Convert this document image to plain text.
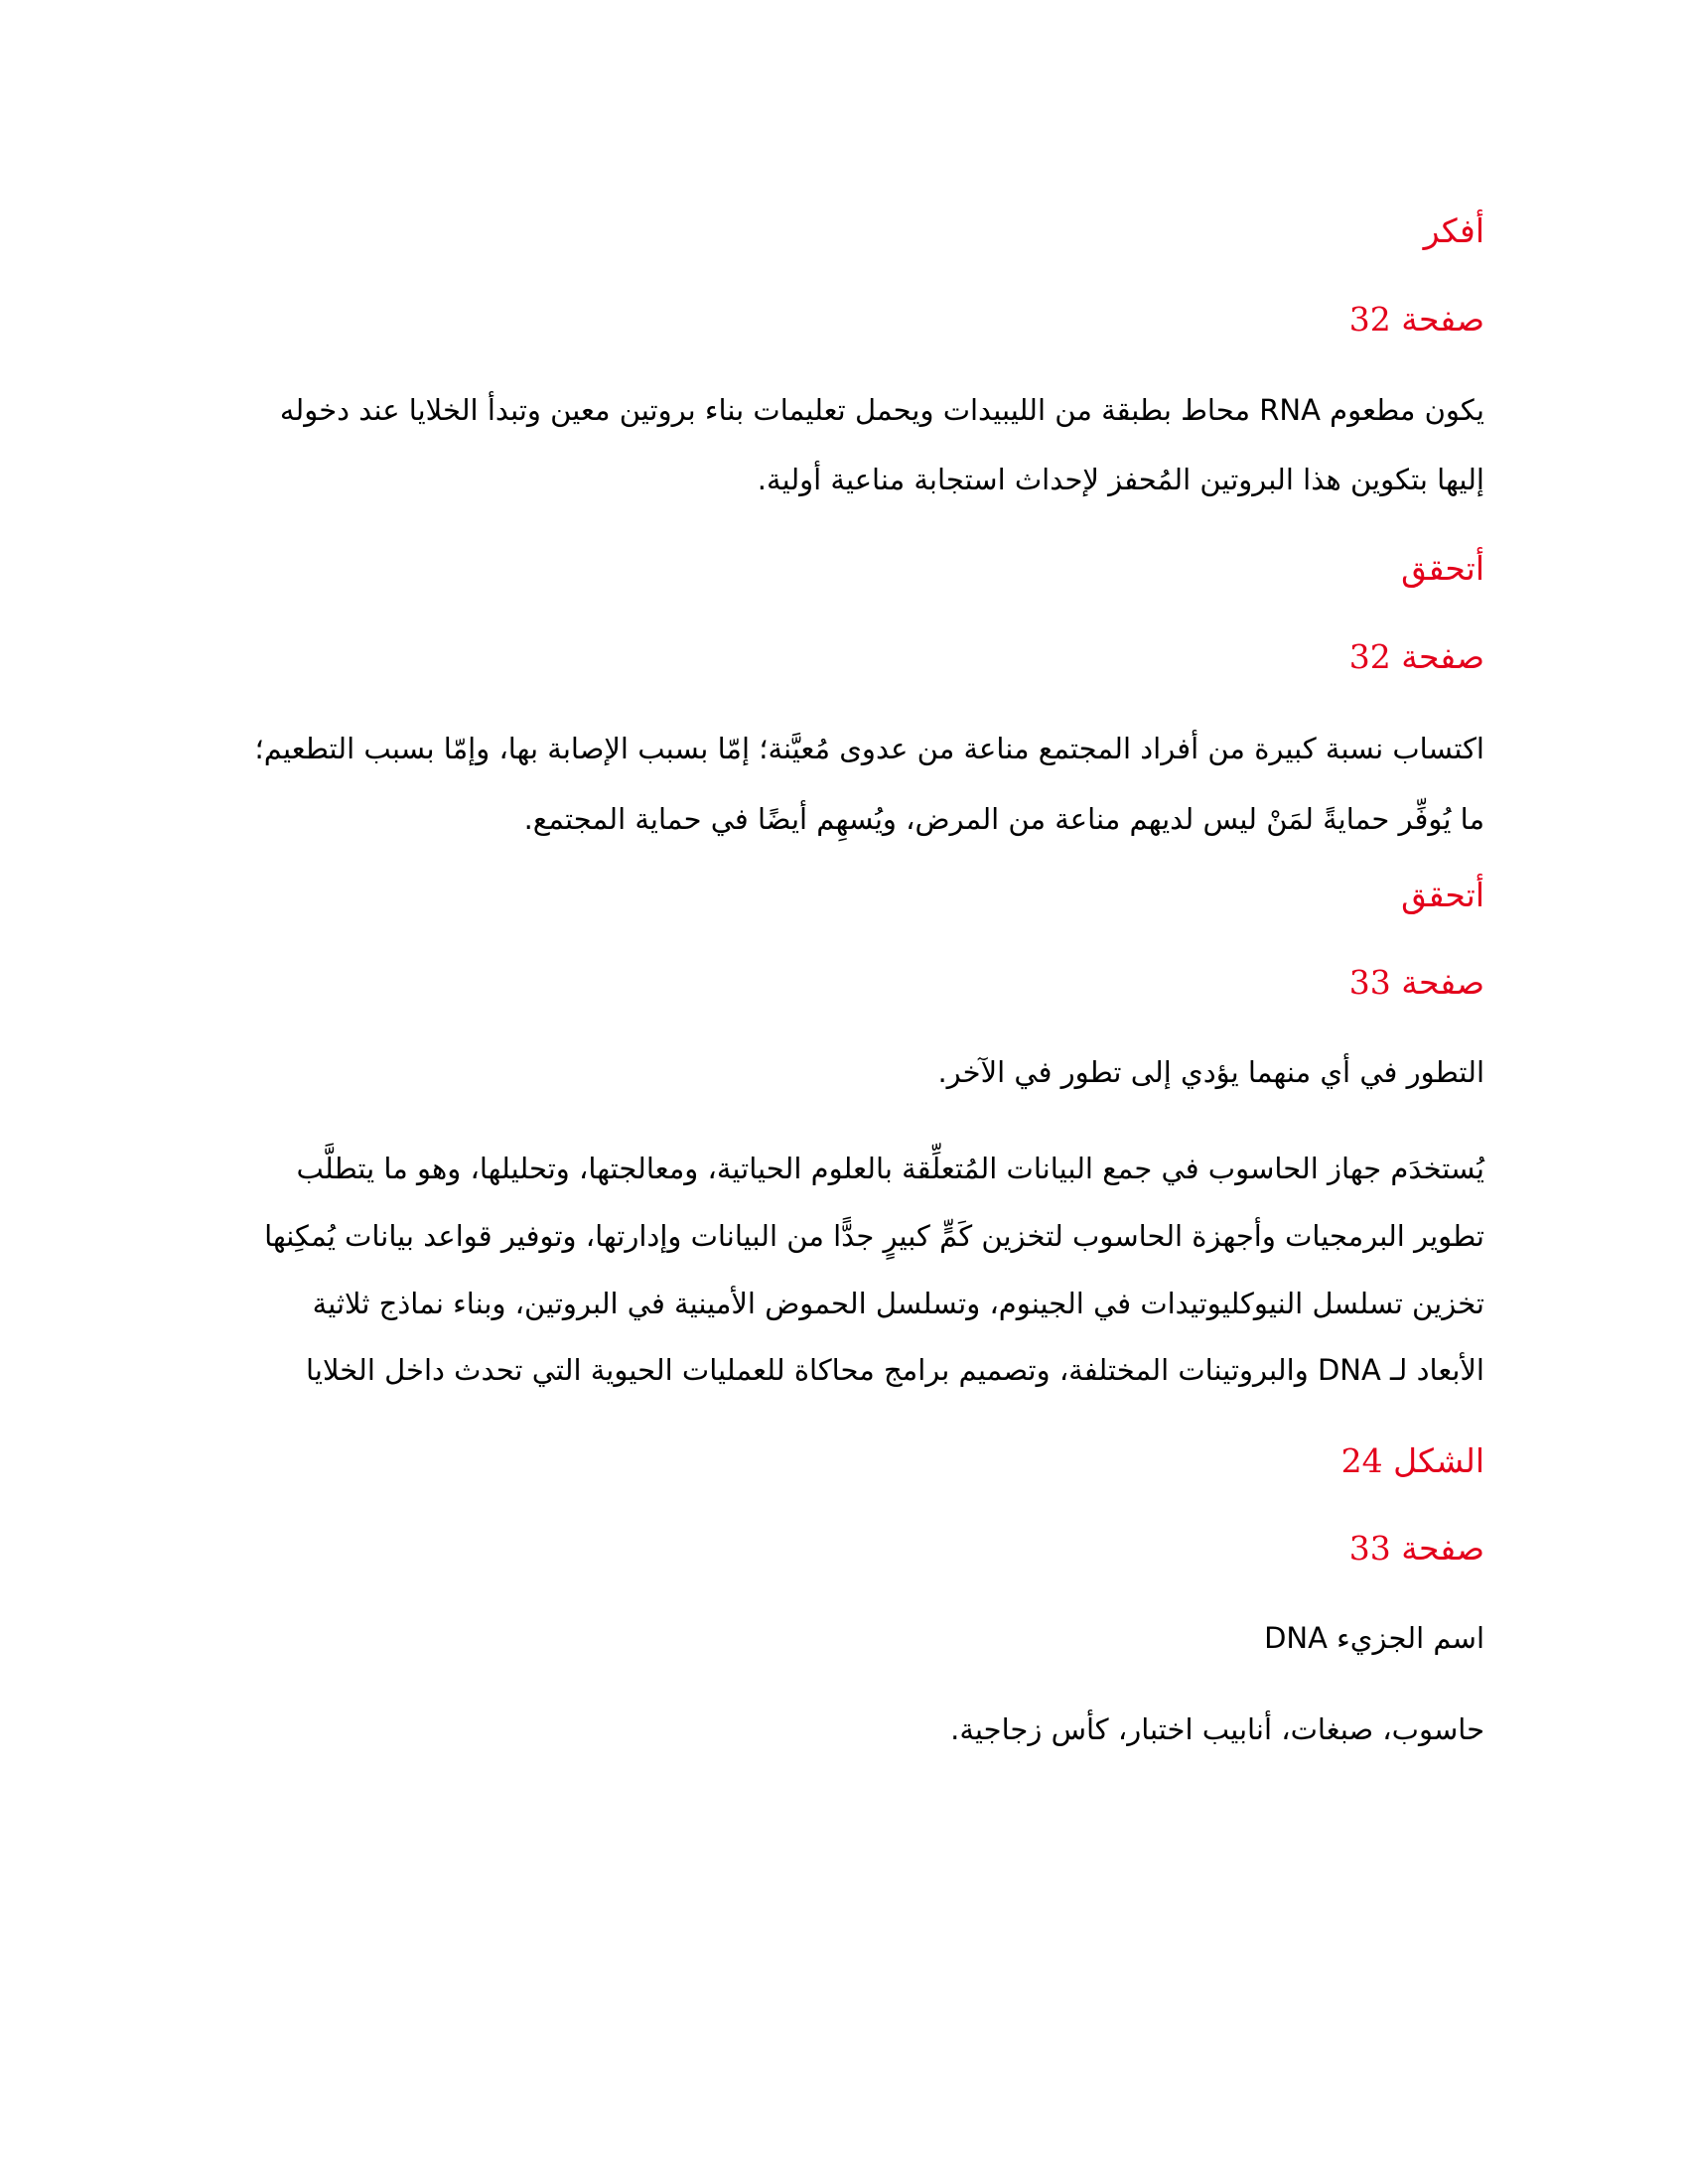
أفكر

صفحة 32

يكون مطعوم RNA محاط بطبقة من الليبيدات ويحمل تعليمات بناء بروتين معين وتبدأ الخلايا عند دخوله

إليها بتكوين هذا البروتين المُحفز لإحداث استجابة مناعية أولية.

أتحقق

صفحة 32

اكتساب نسبة كبيرة من أفراد المجتمع مناعة من عدوى مُعيَّنة؛ إمّا بسبب الإصابة بها، وإمّا بسبب التطعيم؛

ما يُوفِّر حمايةً لمَنْ ليس لديهم مناعة من المرض، ويُسهِم أيضًا في حماية المجتمع.

أتحقق

صفحة 33

التطور في أي منهما يؤدي إلى تطور في الآخر.

يُستخدَم جهاز الحاسوب في جمع البيانات المُتعلِّقة بالعلوم الحياتية، ومعالجتها، وتحليلها، وهو ما يتطلَّب

تطوير البرمجيات وأجهزة الحاسوب لتخزين كَمٍّ كبيرٍ جدًّا من البيانات وإدارتها، وتوفير قواعد بيانات يُمكِنها

تخزين تسلسل النيوكليوتيدات في الجينوم، وتسلسل الحموض الأمينية في البروتين، وبناء نماذج ثلاثية

الأبعاد لـ DNA والبروتينات المختلفة، وتصميم برامج محاكاة للعمليات الحيوية التي تحدث داخل الخلايا

الشكل 24

صفحة 33

اسم الجزيء DNA

حاسوب، صبغات، أنابيب اختبار، كأس زجاجية.
